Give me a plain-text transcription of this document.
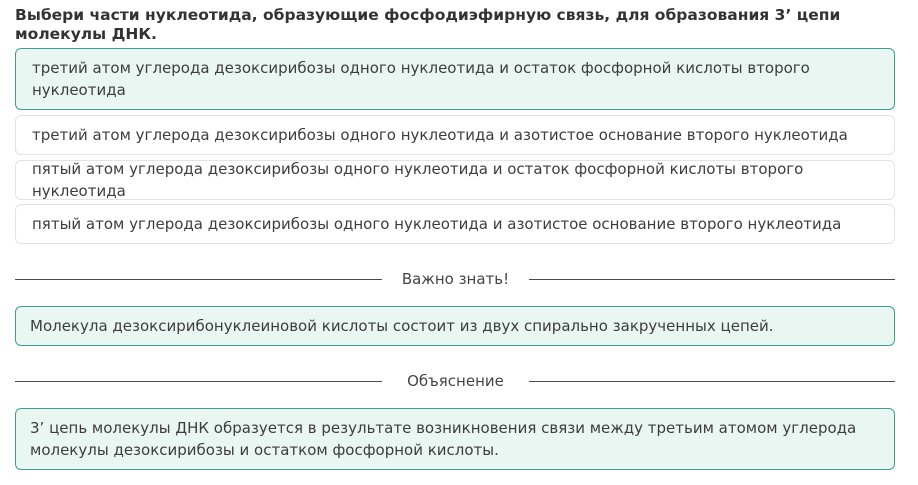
Выбери части нуклеотида, образующие фосфодиэфирную связь, для образования 3’ цепи молекулы ДНК.
третий атом углерода дезоксирибозы одного нуклеотида и остаток фосфорной кислоты второго нуклеотида
третий атом углерода дезоксирибозы одного нуклеотида и азотистое основание второго нуклеотида
пятый атом углерода дезоксирибозы одного нуклеотида и остаток фосфорной кислоты второго нуклеотида
пятый атом углерода дезоксирибозы одного нуклеотида и азотистое основание второго нуклеотида
Важно знать!
Молекула дезоксирибонуклеиновой кислоты состоит из двух спирально закрученных цепей.
Объяснение
3’ цепь молекулы ДНК образуется в результате возникновения связи между третьим атомом углерода молекулы дезоксирибозы и остатком фосфорной кислоты.
